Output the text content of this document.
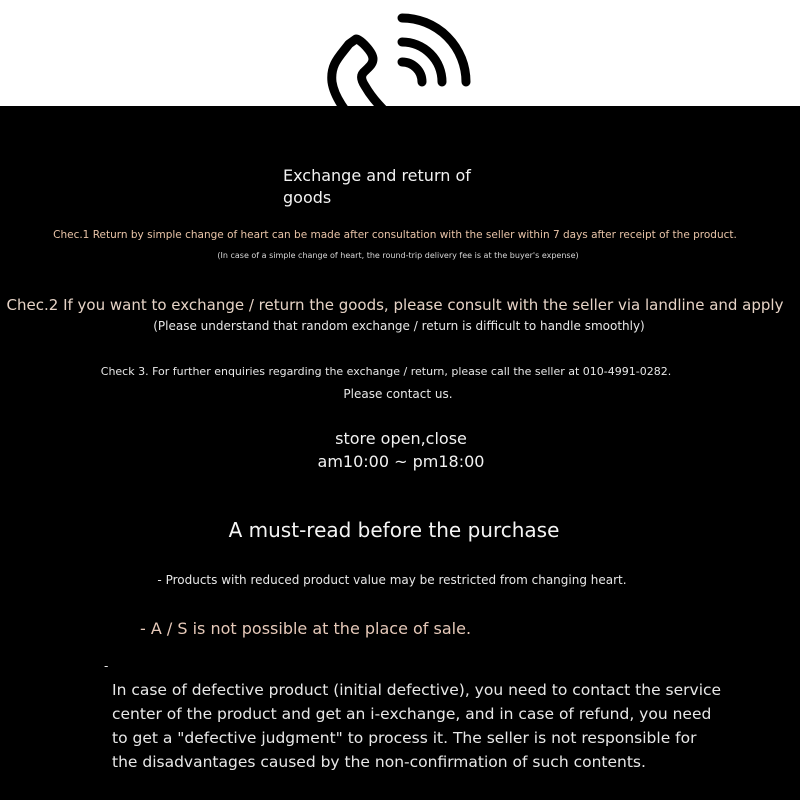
Exchange and return of goods
Chec.1 Return by simple change of heart can be made after consultation with the seller within 7 days after receipt of the product.
(In case of a simple change of heart, the round-trip delivery fee is at the buyer's expense)
Chec.2 If you want to exchange / return the goods, please consult with the seller via landline and apply
(Please understand that random exchange / return is difficult to handle smoothly)
Check 3. For further enquiries regarding the exchange / return, please call the seller at 010-4991-0282.
Please contact us.
store open,close
am10:00 ~ pm18:00
A must-read before the purchase
- Products with reduced product value may be restricted from changing heart.
- A / S is not possible at the place of sale.
-
In case of defective product (initial defective), you need to contact the service
center of the product and get an i-exchange, and in case of refund, you need
to get a "defective judgment" to process it. The seller is not responsible for
the disadvantages caused by the non-confirmation of such contents.
